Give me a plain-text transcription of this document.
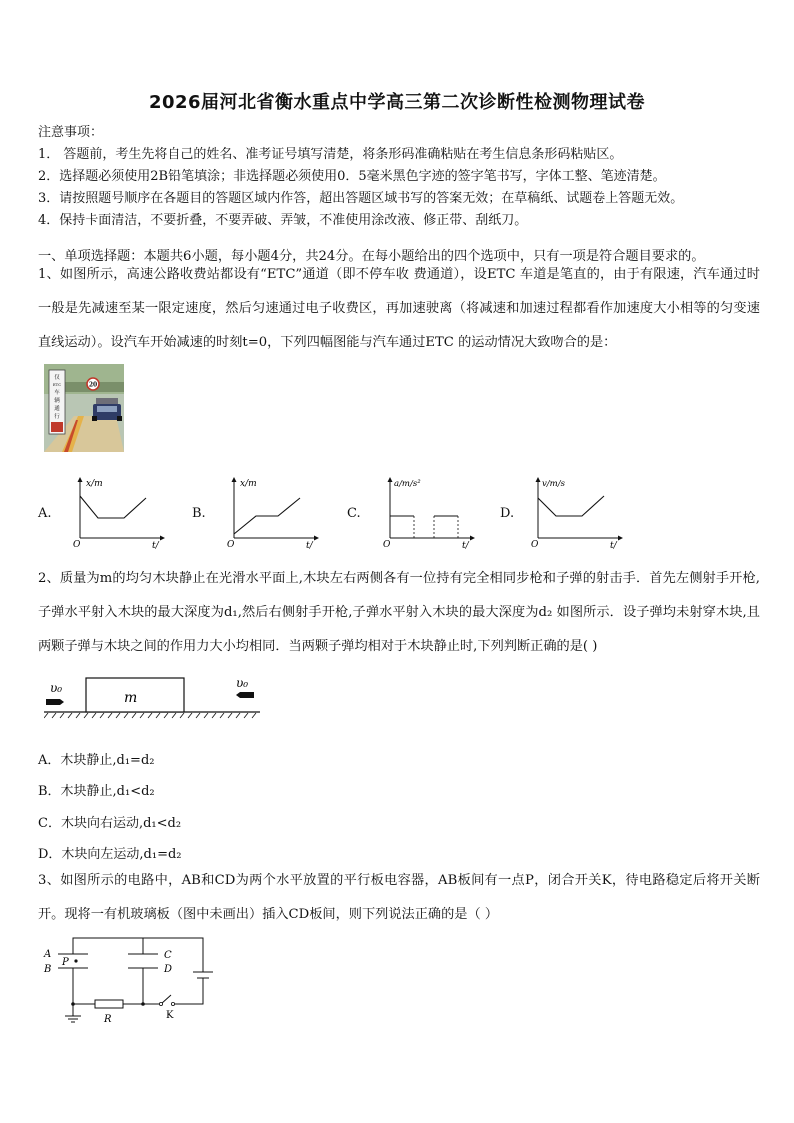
2026届河北省衡水重点中学高三第二次诊断性检测物理试卷
注意事项：
1． 答题前，考生先将自己的姓名、准考证号填写清楚，将条形码准确粘贴在考生信息条形码粘贴区。
2．选择题必须使用2B铅笔填涂；非选择题必须使用0．5毫米黑色字迹的签字笔书写，字体工整、笔迹清楚。
3．请按照题号顺序在各题目的答题区域内作答，超出答题区域书写的答案无效；在草稿纸、试题卷上答题无效。
4．保持卡面清洁，不要折叠，不要弄破、弄皱，不准使用涂改液、修正带、刮纸刀。
一、单项选择题：本题共6小题，每小题4分，共24分。在每小题给出的四个选项中，只有一项是符合题目要求的。
1、如图所示，高速公路收费站都设有“ETC”通道（即不停车收 费通道），设ETC 车道是笔直的，由于有限速，汽车通过时一般是先减速至某一限定速度，然后匀速通过电子收费区，再加速驶离（将减速和加速过程都看作加速度大小相等的匀变速直线运动）。设汽车开始减速的时刻t=0，下列四幅图能与汽车通过ETC 的运动情况大致吻合的是：
仅
ETC
车
辆
通
行
20
A.
x/m
t/
O
B.
x/m
t/
O
C.
a/m/s²
t/
O
D.
v/m/s
t/
O
2、质量为m的均匀木块静止在光滑水平面上,木块左右两侧各有一位持有完全相同步枪和子弹的射击手．首先左侧射手开枪,子弹水平射入木块的最大深度为d₁,然后右侧射手开枪,子弹水平射入木块的最大深度为d₂ 如图所示．设子弹均未射穿木块,且两颗子弹与木块之间的作用力大小均相同．当两颗子弹均相对于木块静止时,下列判断正确的是( )
m
υ₀	υ₀
A．木块静止,d₁=d₂
B．木块静止,d₁<d₂
C．木块向右运动,d₁<d₂
D．木块向左运动,d₁=d₂
3、如图所示的电路中，AB和CD为两个水平放置的平行板电容器，AB板间有一点P，闭合开关K，待电路稳定后将开关断开。现将一有机玻璃板（图中未画出）插入CD板间，则下列说法正确的是（ ）
A
B
P
C
D
R	K
